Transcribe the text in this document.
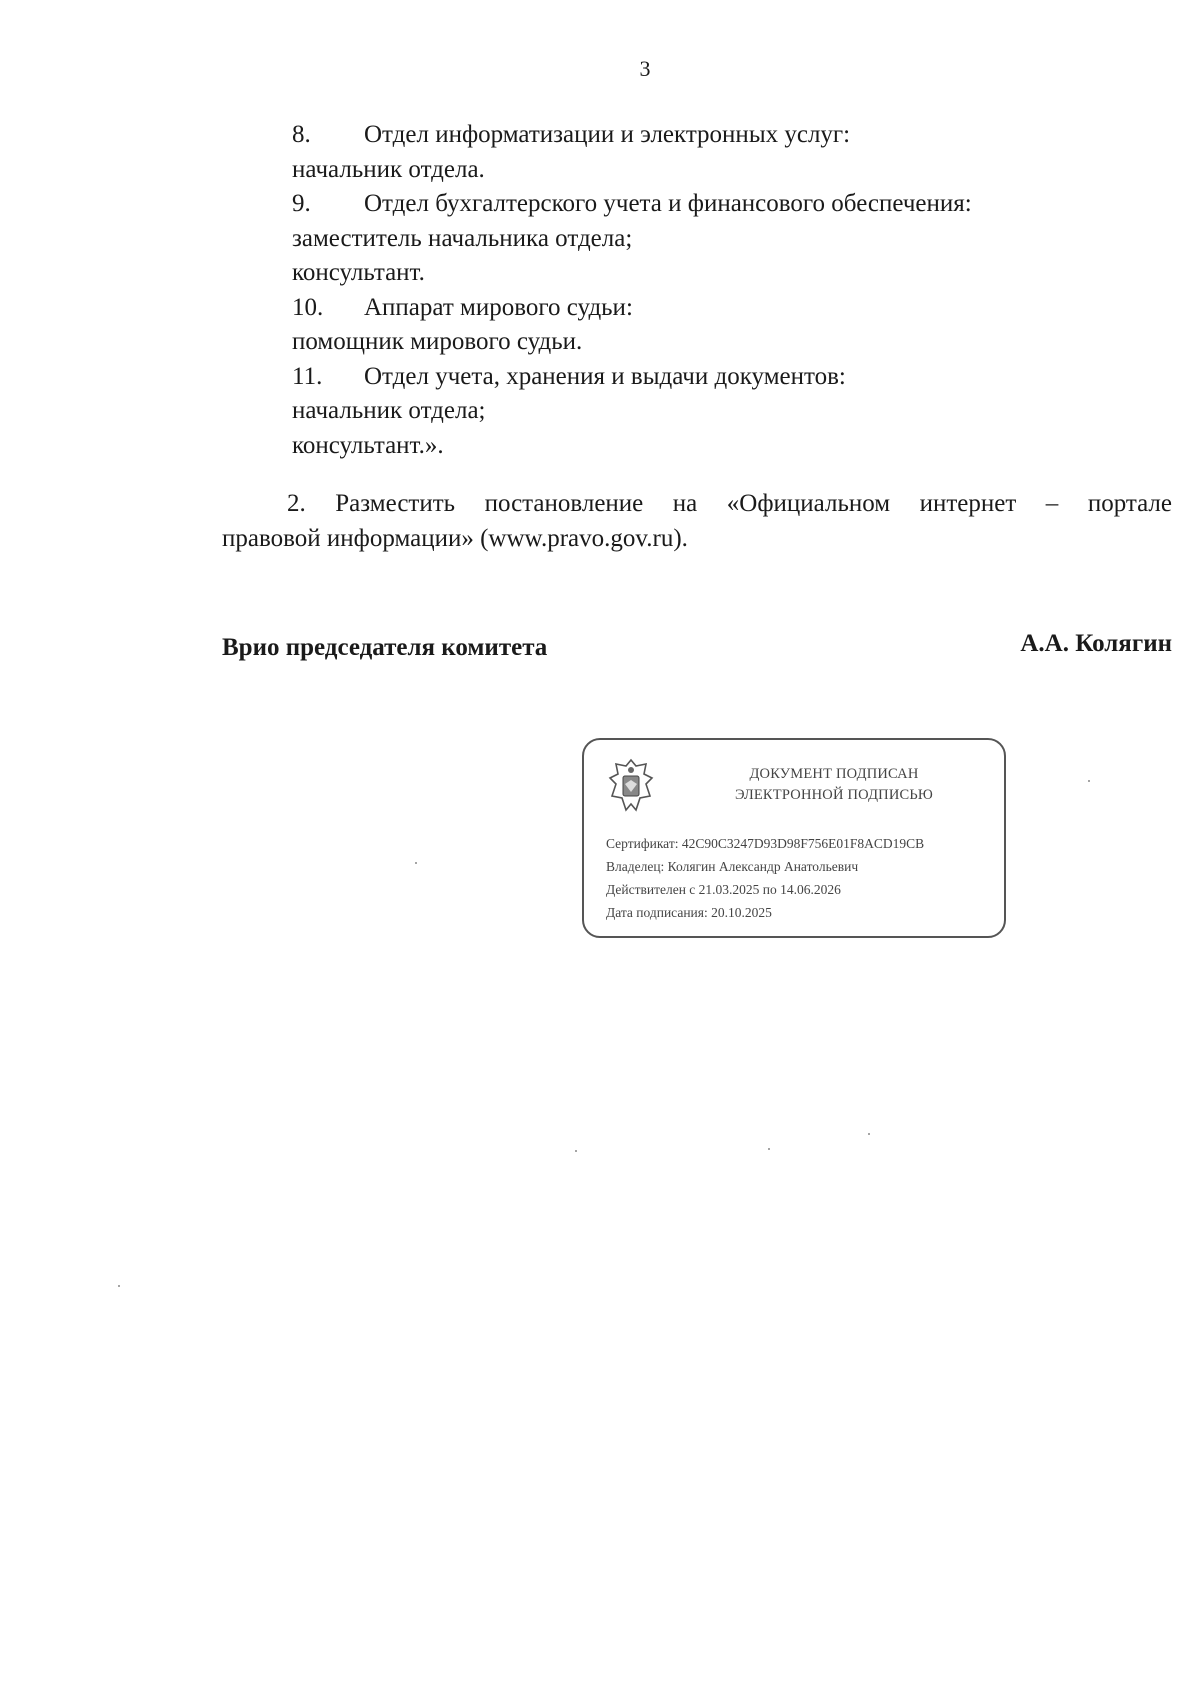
3
8. Отдел информатизации и электронных услуг:
начальник отдела.
9. Отдел бухгалтерского учета и финансового обеспечения:
заместитель начальника отдела;
консультант.
10. Аппарат мирового судьи:
помощник мирового судьи.
11. Отдел учета, хранения и выдачи документов:
начальник отдела;
консультант.».
2. Разместить постановление на «Официальном интернет – портале
правовой информации» (www.pravo.gov.ru).
Врио председателя комитета	А.А. Колягин
ДОКУМЕНТ ПОДПИСАН
ЭЛЕКТРОННОЙ ПОДПИСЬЮ
Сертификат: 42C90C3247D93D98F756E01F8ACD19CB
Владелец: Колягин Александр Анатольевич
Действителен с 21.03.2025 по 14.06.2026
Дата подписания: 20.10.2025
